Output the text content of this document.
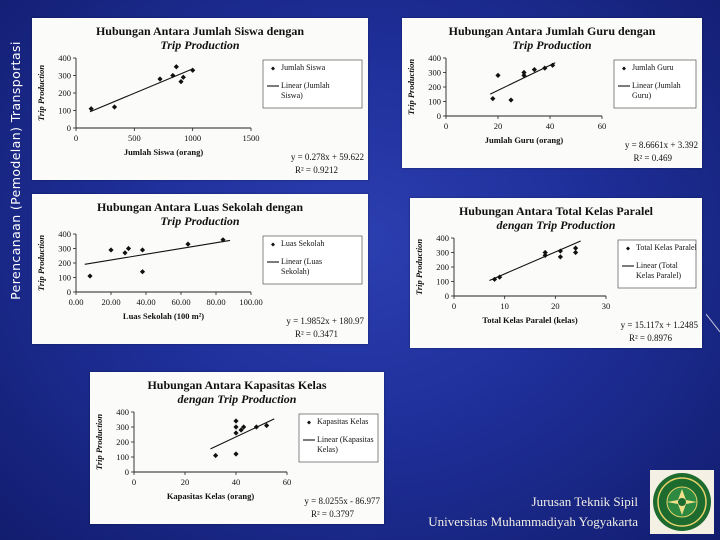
Perencanaan (Pemodelan) Transportasi
Hubungan Antara Jumlah Siswa dengan
Trip Production
Trip Production
0
100
200
300
400
0	500	1000	1500
Jumlah Siswa (orang)
Jumlah Siswa
Linear (Jumlah
Siswa)
y = 0.278x + 59.622
R² = 0.9212
Hubungan Antara Jumlah Guru dengan
Trip Production
Trip Production
0
100
200
300
400
0	20	40	60
Jumlah Guru (orang)
Jumlah Guru
Linear (Jumlah
Guru)
y = 8.6661x + 3.392
R² = 0.469
Hubungan Antara Luas Sekolah dengan
Trip Production
Trip Production
0
100
200
300
400
0.00 20.00 40.00 60.00 80.00 100.00
Luas Sekolah (100 m²)
Luas Sekolah
Linear (Luas
Sekolah)
y = 1.9852x + 180.97
R² = 0.3471
Hubungan Antara Total Kelas Paralel
dengan Trip Production
Trip Production
0
100
200
300
400
0	10	20	30
Total Kelas Paralel (kelas)
Total Kelas Paralel
Linear (Total
Kelas Paralel)
y = 15.117x + 1.2485
R² = 0.8976
Hubungan Antara Kapasitas Kelas
dengan Trip Production
Trip Production
0
100
200
300
400
0	20	40	60
Kapasitas Kelas (orang)
Kapasitas Kelas
Linear (Kapasitas
Kelas)
y = 8.0255x - 86.977
R² = 0.3797
Jurusan Teknik Sipil
Universitas Muhammadiyah Yogyakarta
